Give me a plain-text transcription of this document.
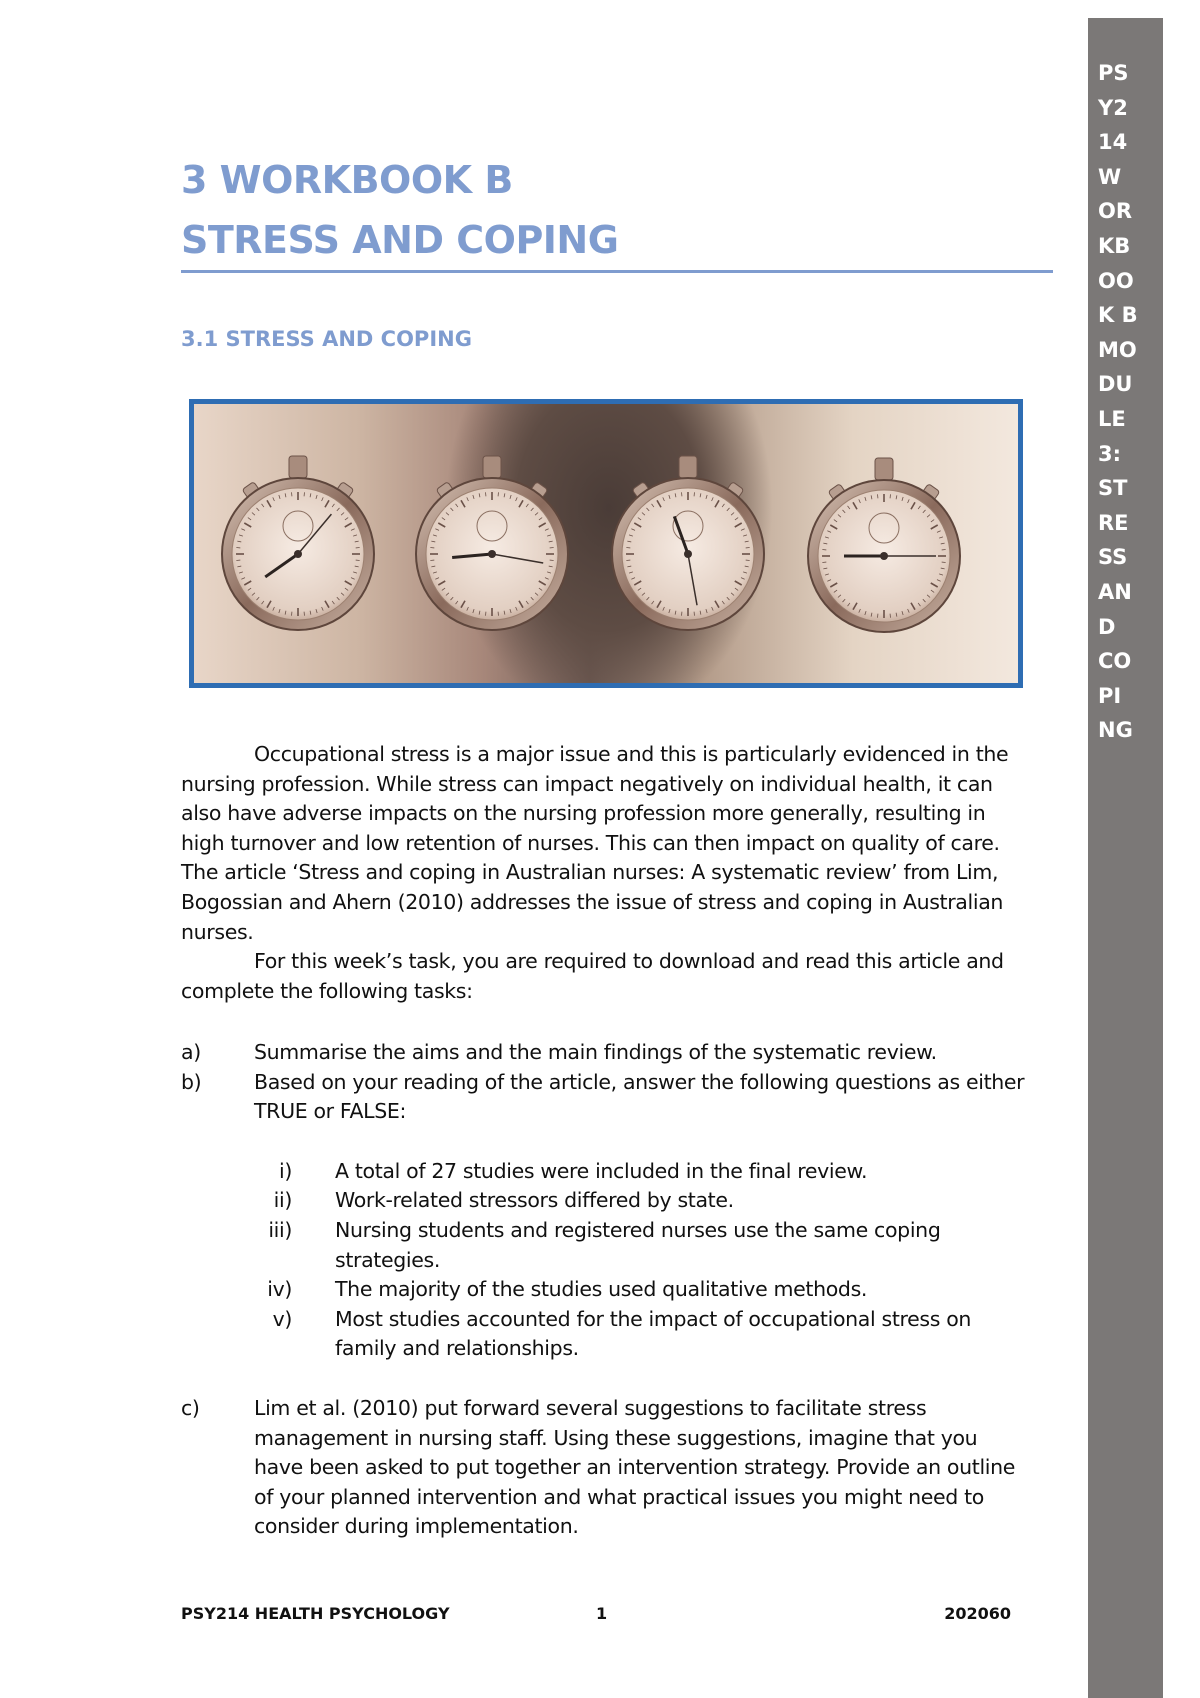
PSY214 WORKBOOK B MODULE 3: STRESS AND COPING
3 WORKBOOK B
STRESS AND COPING
3.1 STRESS AND COPING

Occupational stress is a major issue and this is particularly evidenced in the nursing profession. While stress can impact negatively on individual health, it can also have adverse impacts on the nursing profession more generally, resulting in high turnover and low retention of nurses. This can then impact on quality of care. The article ‘Stress and coping in Australian nurses: A systematic review’ from Lim, Bogossian and Ahern (2010) addresses the issue of stress and coping in Australian nurses.

For this week’s task, you are required to download and read this article and complete the following tasks:

a)	Summarise the aims and the main findings of the systematic review.
b)	Based on your reading of the article, answer the following questions as either TRUE or FALSE:
i) A total of 27 studies were included in the final review.
ii) Work-related stressors differed by state.
iii) Nursing students and registered nurses use the same coping strategies.
iv) The majority of the studies used qualitative methods.
v) Most studies accounted for the impact of occupational stress on family and relationships.
c)	Lim et al. (2010) put forward several suggestions to facilitate stress management in nursing staff. Using these suggestions, imagine that you have been asked to put together an intervention strategy. Provide an outline of your planned intervention and what practical issues you might need to consider during implementation.
PSY214 HEALTH PSYCHOLOGY	1	202060
